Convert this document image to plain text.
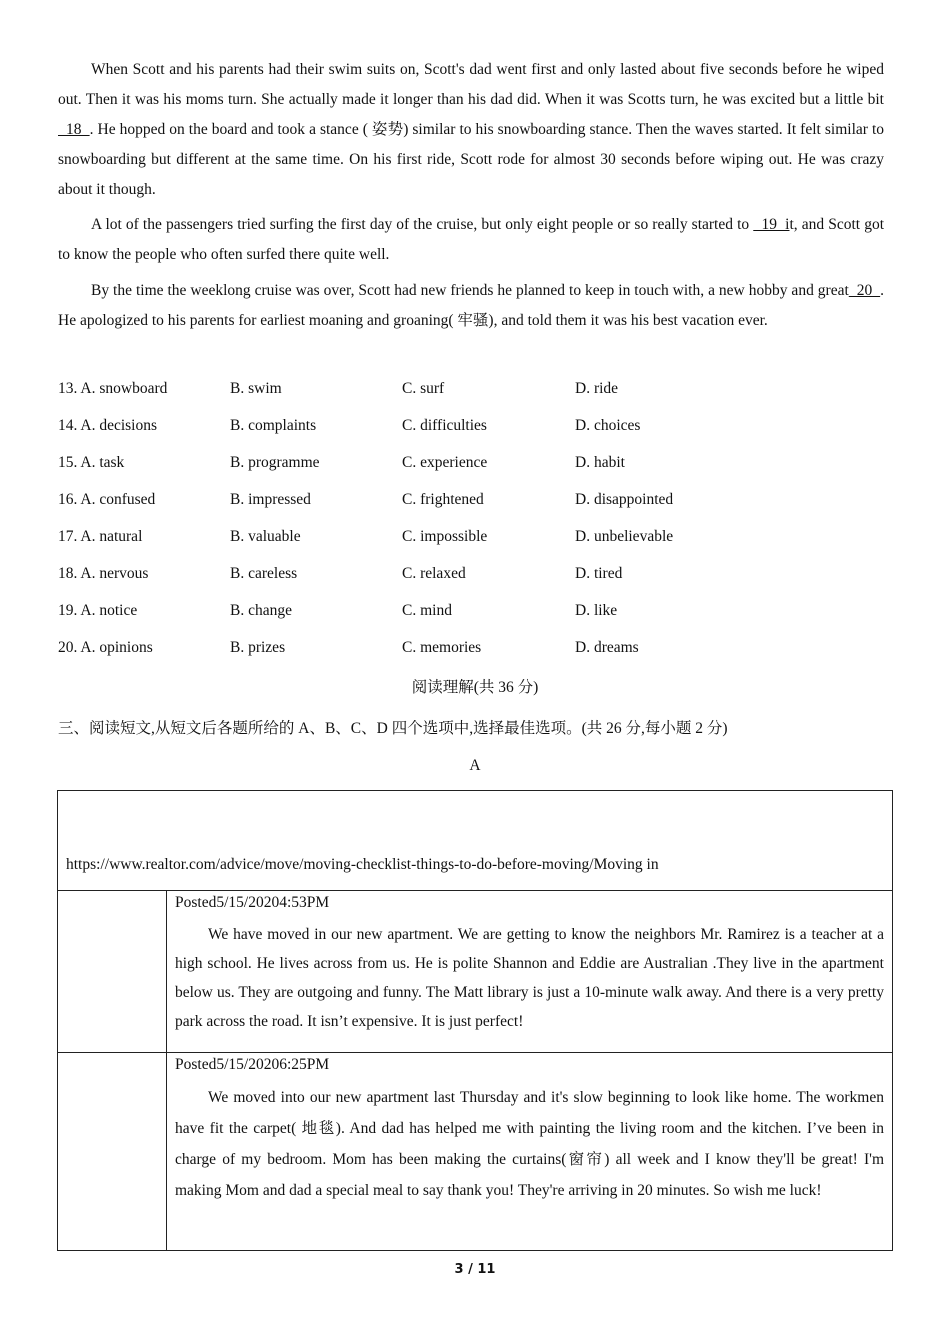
When Scott and his parents had their swim suits on, Scott's dad went first and only lasted about five seconds before he wiped out. Then it was his moms turn. She actually made it longer than his dad did. When it was Scotts turn, he was excited but a little bit  18  . He hopped on the board and took a stance ( 姿势) similar to his snowboarding stance. Then the waves started. It felt similar to snowboarding but different at the same time. On his first ride, Scott rode for almost 30 seconds before wiping out. He was crazy about it though.

A lot of the passengers tried surfing the first day of the cruise, but only eight people or so really started to   19  it, and Scott got to know the people who often surfed there quite well.

By the time the weeklong cruise was over, Scott had new friends he planned to keep in touch with, a new hobby and great  20  . He apologized to his parents for earliest moaning and groaning( 牢骚), and told them it was his best vacation ever.

13. A. snowboard	B. swim	C. surf	D. ride
14. A. decisions	B. complaints	C. difficulties	D. choices
15. A. task	B. programme	C. experience	D. habit
16. A. confused	B. impressed	C. frightened	D. disappointed
17. A. natural	B. valuable	C. impossible	D. unbelievable
18. A. nervous	B. careless	C. relaxed	D. tired
19. A. notice	B. change	C. mind	D. like
20. A. opinions	B. prizes	C. memories	D. dreams
阅读理解(共 36 分)
三、阅读短文,从短文后各题所给的 A、B、C、D 四个选项中,选择最佳选项。(共 26 分,每小题 2 分)
A
https://www.realtor.com/advice/move/moving-checklist-things-to-do-before-moving/Moving in	

	Posted5/15/20204:53PM

We have moved in our new apartment. We are getting to know the neighbors Mr. Ramirez is a teacher at a high school. He lives across from us. He is polite Shannon and Eddie are Australian .They live in the apartment below us. They are outgoing and funny. The Matt library is just a 10-minute walk away. And there is a very pretty park across the road. It isn’t expensive. It is just perfect!

	Posted5/15/20206:25PM

We moved into our new apartment last Thursday and it's slow beginning to look like home. The workmen have fit the carpet( 地毯). And dad has helped me with painting the living room and the kitchen. I’ve been in charge of my bedroom. Mom has been making the curtains(窗帘) all week and I know they'll be great! I'm making Mom and dad a special meal to say thank you! They're arriving in 20 minutes. So wish me luck!

3 / 11
